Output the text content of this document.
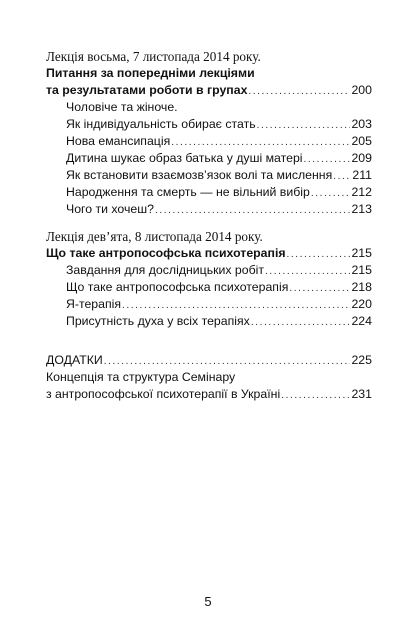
Лекція восьма, 7 листопада 2014 року.
Питання за попередніми лекціями
та результатами роботи в групах .....	200
Чоловіче та жіноче.
Як індивідуальність обирає стать .....	203
Нова емансипація .....	205
Дитина шукає образ батька у душі матері .....	209
Як встановити взаємозв’язок волі та мислення ..... 211
Народження та смерть — не вільний вибір .....	212
Чого ти хочеш? .....	213
Лекція дев’ята, 8 листопада 2014 року.
Що таке антропософська психотерапія .....	215
Завдання для дослідницьких робіт .....	215
Що таке антропософська психотерапія .....	218
Я-терапія .....	220
Присутність духа у всіх терапіях .....	224
ДОДАТКИ .....	225
Концепція та структура Семінару
з антропософської психотерапії в Україні .....	231
5
